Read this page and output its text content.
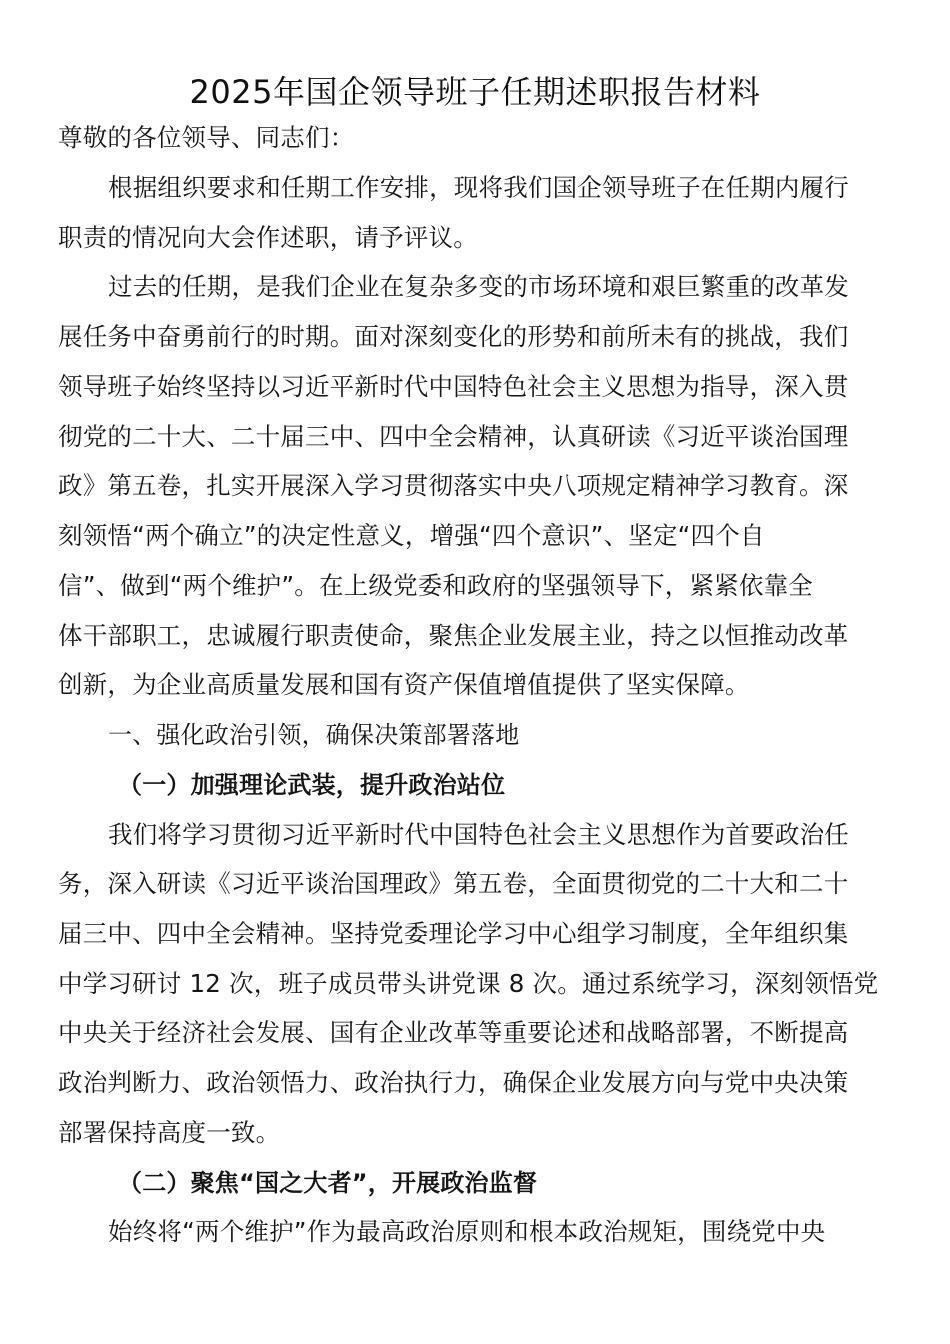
2025年国企领导班子任期述职报告材料
尊敬的各位领导、同志们：
根据组织要求和任期工作安排，现将我们国企领导班子在任期内履行
职责的情况向大会作述职，请予评议。
过去的任期，是我们企业在复杂多变的市场环境和艰巨繁重的改革发
展任务中奋勇前行的时期。面对深刻变化的形势和前所未有的挑战，我们
领导班子始终坚持以习近平新时代中国特色社会主义思想为指导，深入贯
彻党的二十大、二十届三中、四中全会精神，认真研读《习近平谈治国理
政》第五卷，扎实开展深入学习贯彻落实中央八项规定精神学习教育。深
刻领悟“两个确立”的决定性意义，增强“四个意识”、坚定“四个自
信”、做到“两个维护”。在上级党委和政府的坚强领导下，紧紧依靠全
体干部职工，忠诚履行职责使命，聚焦企业发展主业，持之以恒推动改革
创新，为企业高质量发展和国有资产保值增值提供了坚实保障。
一、强化政治引领，确保决策部署落地
（一）加强理论武装，提升政治站位
我们将学习贯彻习近平新时代中国特色社会主义思想作为首要政治任
务，深入研读《习近平谈治国理政》第五卷，全面贯彻党的二十大和二十
届三中、四中全会精神。坚持党委理论学习中心组学习制度，全年组织集
中学习研讨 12 次，班子成员带头讲党课 8 次。通过系统学习，深刻领悟党
中央关于经济社会发展、国有企业改革等重要论述和战略部署，不断提高
政治判断力、政治领悟力、政治执行力，确保企业发展方向与党中央决策
部署保持高度一致。
（二）聚焦“国之大者”，开展政治监督
始终将“两个维护”作为最高政治原则和根本政治规矩，围绕党中央
